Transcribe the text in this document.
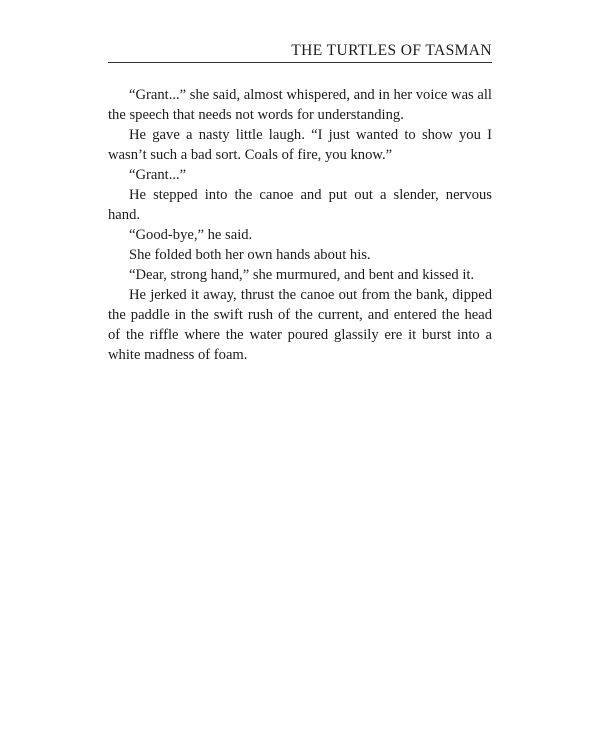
THE TURTLES OF TASMAN

“Grant...” she said, almost whispered, and in her voice was all the speech that needs not words for understanding.

He gave a nasty little laugh. “I just wanted to show you I wasn’t such a bad sort. Coals of fire, you know.”

“Grant...”

He stepped into the canoe and put out a slender, nervous hand.

“Good-bye,” he said.

She folded both her own hands about his.

“Dear, strong hand,” she murmured, and bent and kissed it.

He jerked it away, thrust the canoe out from the bank, dipped the paddle in the swift rush of the current, and entered the head of the riffle where the water poured glassily ere it burst into a white madness of foam.
